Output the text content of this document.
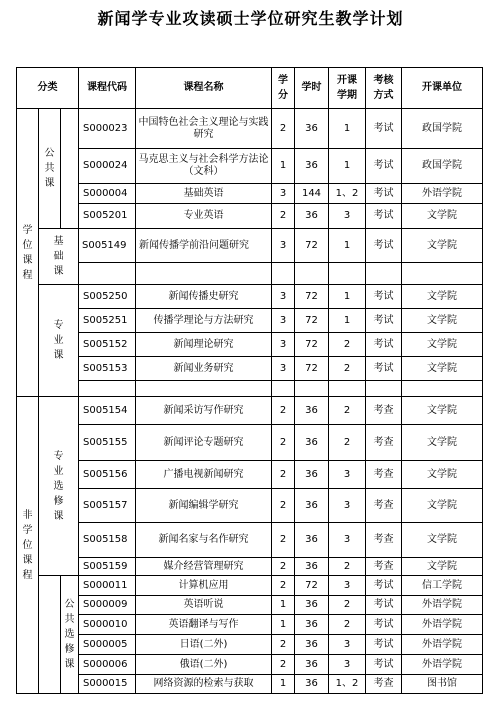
新闻学专业攻读硕士学位研究生教学计划
分类			课程代码	课程名称	学分	学时	开课学期	考核方式	开课单位

学位课程	公共课		S000023	中国特色社会主义理论与实践研究	2	36	1	考试	政国学院
			S000024	马克思主义与社会科学方法论（文科）	1	36	1	考试	政国学院
			S000004	基础英语	3	144	1、2	考试	外语学院
			S005201	专业英语	2	36	3	考试	文学院

	基础课		S005149	新闻传播学前沿问题研究	3	72	1	考试	文学院

	专业课		S005250	新闻传播史研究	3	72	1	考试	文学院
			S005251	传播学理论与方法研究	3	72	1	考试	文学院
			S005152	新闻理论研究	3	72	2	考试	文学院
			S005153	新闻业务研究	3	72	2	考试	文学院

非学位课程	专业选修课		S005154	新闻采访写作研究	2	36	2	考查	文学院
			S005155	新闻评论专题研究	2	36	2	考查	文学院
			S005156	广播电视新闻研究	2	36	3	考查	文学院
			S005157	新闻编辑学研究	2	36	3	考查	文学院
			S005158	新闻名家与名作研究	2	36	3	考查	文学院
			S005159	媒介经营管理研究	2	36	2	考查	文学院

		公共选修课	S000011	计算机应用	2	72	3	考试	信工学院
			S000009	英语听说	1	36	2	考试	外语学院
			S000010	英语翻译与写作	1	36	2	考试	外语学院
			S000005	日语(二外)	2	36	3	考试	外语学院
			S000006	俄语(二外)	2	36	3	考试	外语学院
			S000015	网络资源的检索与获取	1	36	1、2	考查	图书馆
